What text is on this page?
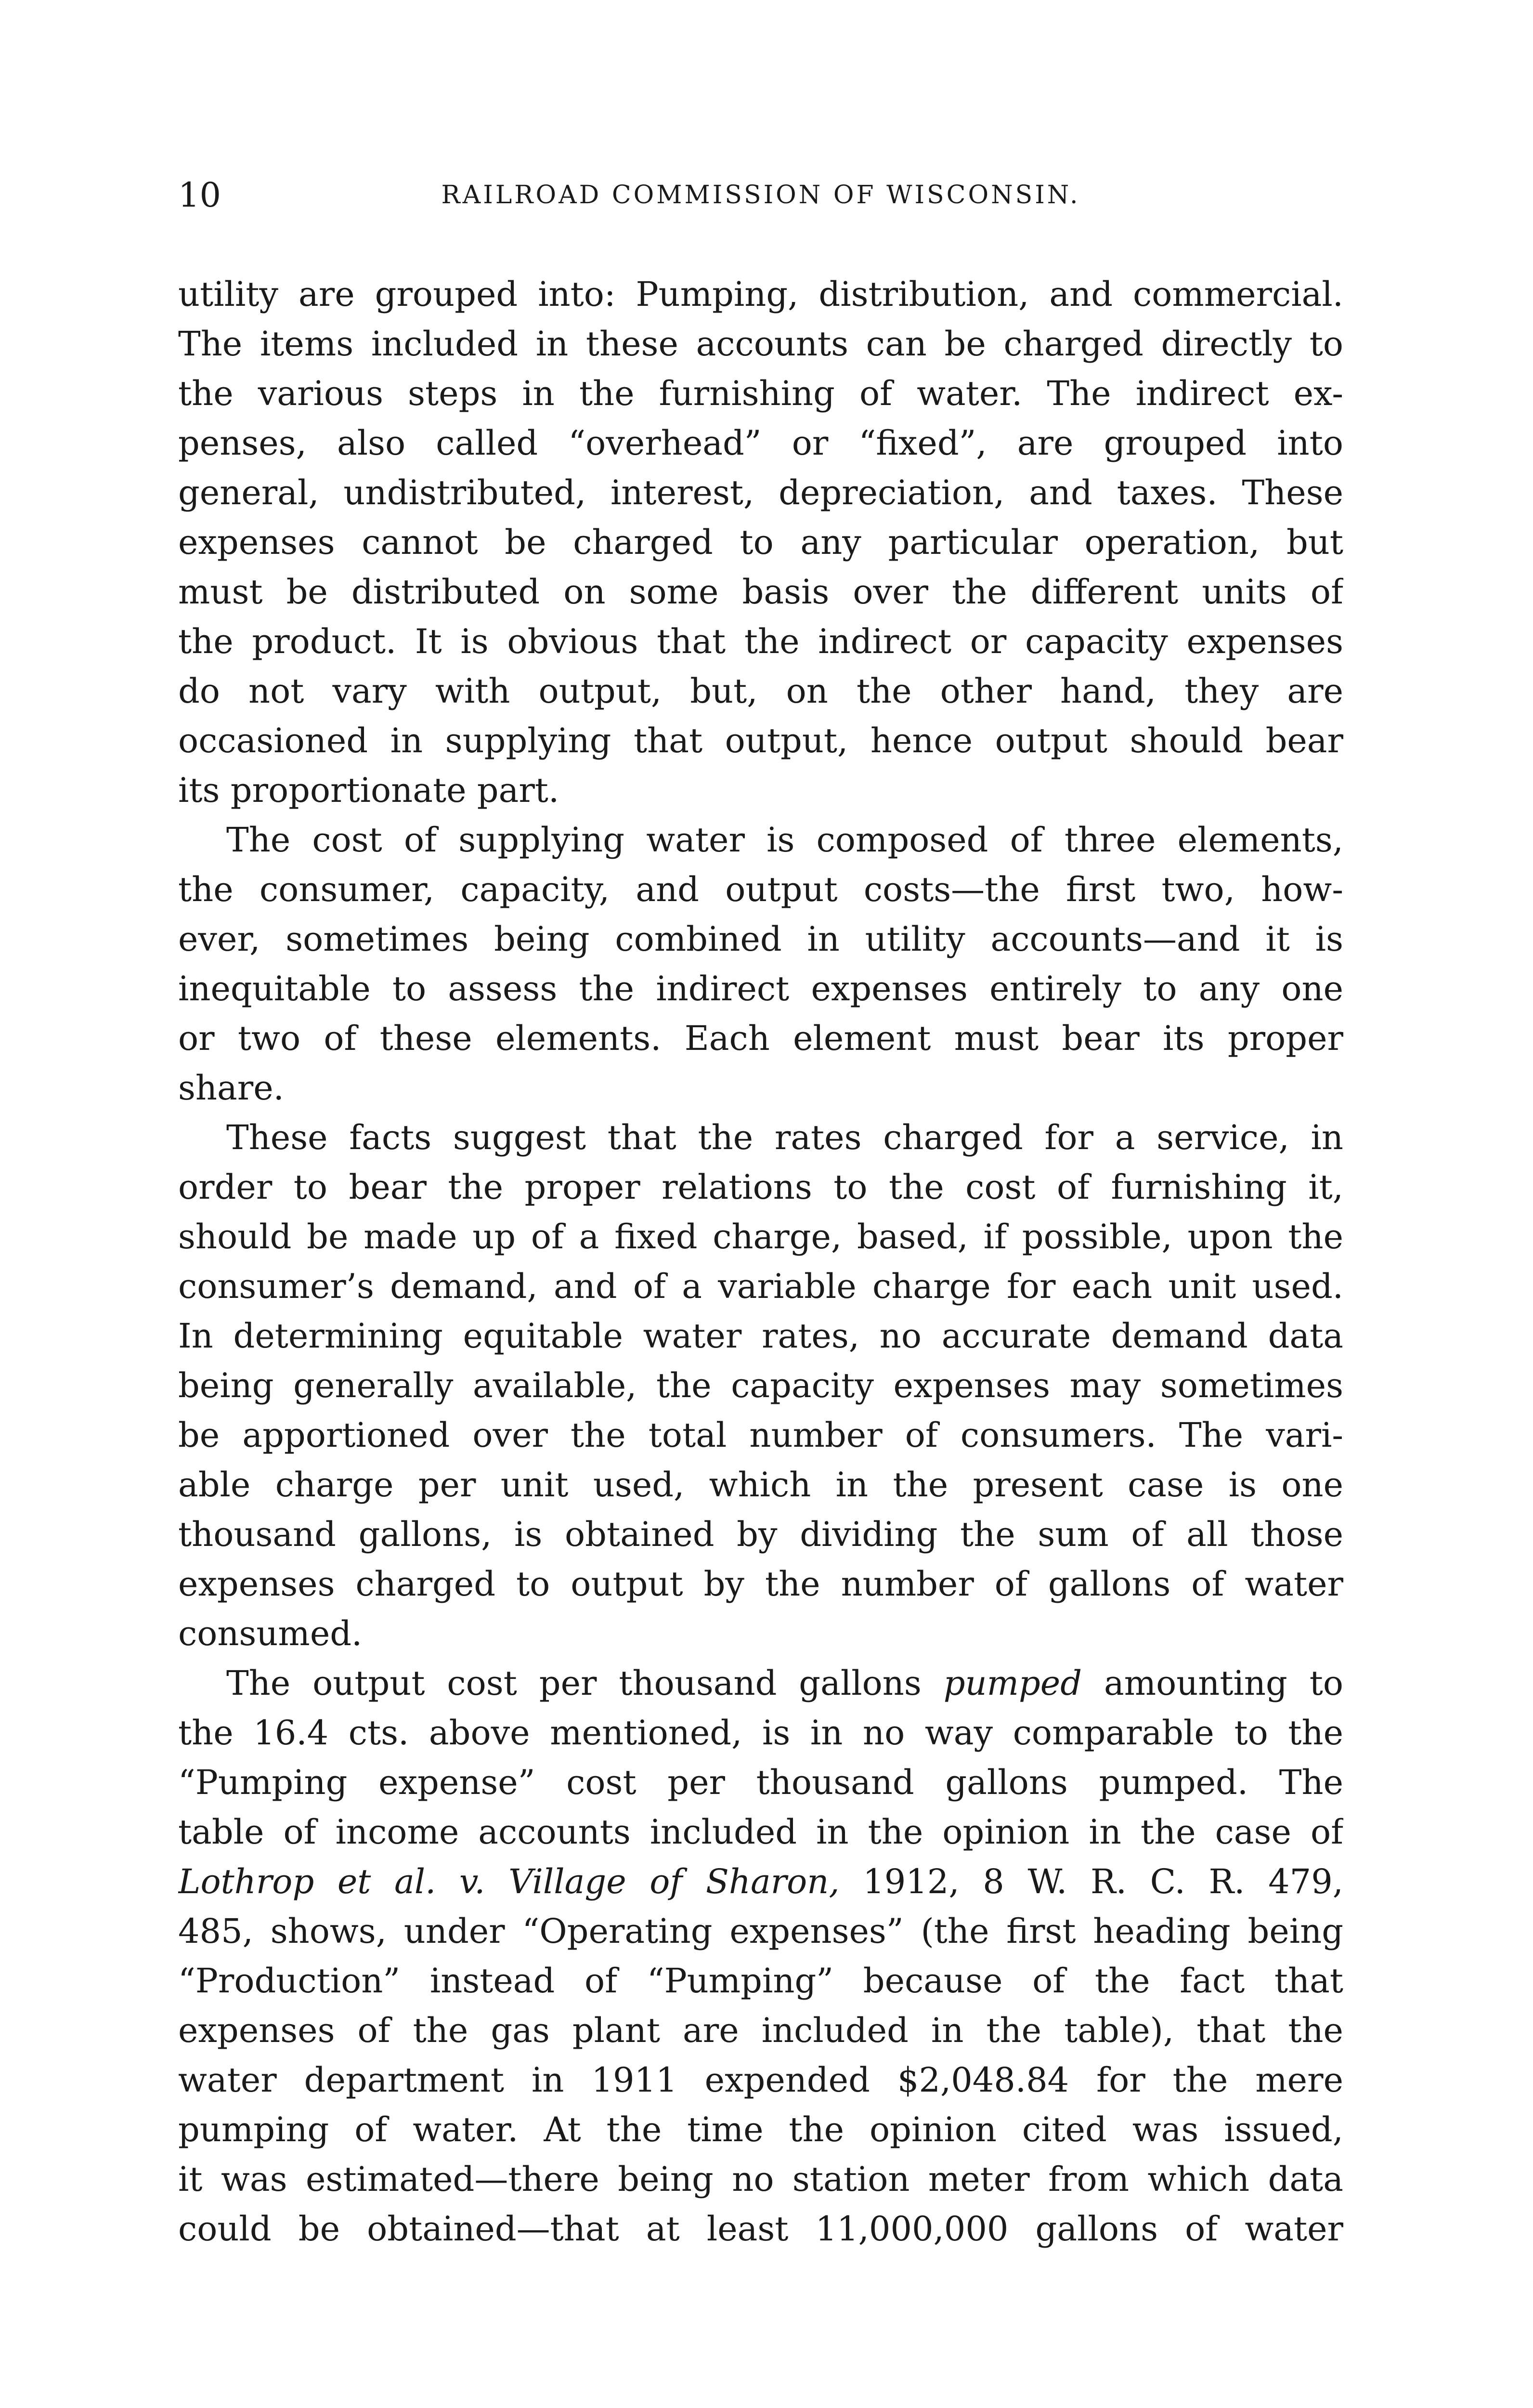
10	RAILROAD COMMISSION OF WISCONSIN.
utility are grouped into: Pumping, distribution, and commercial.
The items included in these accounts can be charged directly to
the various steps in the furnishing of water. The indirect ex-
penses, also called “overhead” or “fixed”, are grouped into
general, undistributed, interest, depreciation, and taxes. These
expenses cannot be charged to any particular operation, but
must be distributed on some basis over the different units of
the product. It is obvious that the indirect or capacity expenses
do not vary with output, but, on the other hand, they are
occasioned in supplying that output, hence output should bear
its proportionate part.
The cost of supplying water is composed of three elements,
the consumer, capacity, and output costs—the first two, how-
ever, sometimes being combined in utility accounts—and it is
inequitable to assess the indirect expenses entirely to any one
or two of these elements. Each element must bear its proper
share.
These facts suggest that the rates charged for a service, in
order to bear the proper relations to the cost of furnishing it,
should be made up of a fixed charge, based, if possible, upon the
consumer’s demand, and of a variable charge for each unit used.
In determining equitable water rates, no accurate demand data
being generally available, the capacity expenses may sometimes
be apportioned over the total number of consumers. The vari-
able charge per unit used, which in the present case is one
thousand gallons, is obtained by dividing the sum of all those
expenses charged to output by the number of gallons of water
consumed.
The output cost per thousand gallons pumped amounting to
the 16.4 cts. above mentioned, is in no way comparable to the
“Pumping expense” cost per thousand gallons pumped. The
table of income accounts included in the opinion in the case of
Lothrop et al. v. Village of Sharon, 1912, 8 W. R. C. R. 479,
485, shows, under “Operating expenses” (the first heading being
“Production” instead of “Pumping” because of the fact that
expenses of the gas plant are included in the table), that the
water department in 1911 expended $2,048.84 for the mere
pumping of water. At the time the opinion cited was issued,
it was estimated—there being no station meter from which data
could be obtained—that at least 11,000,000 gallons of water
